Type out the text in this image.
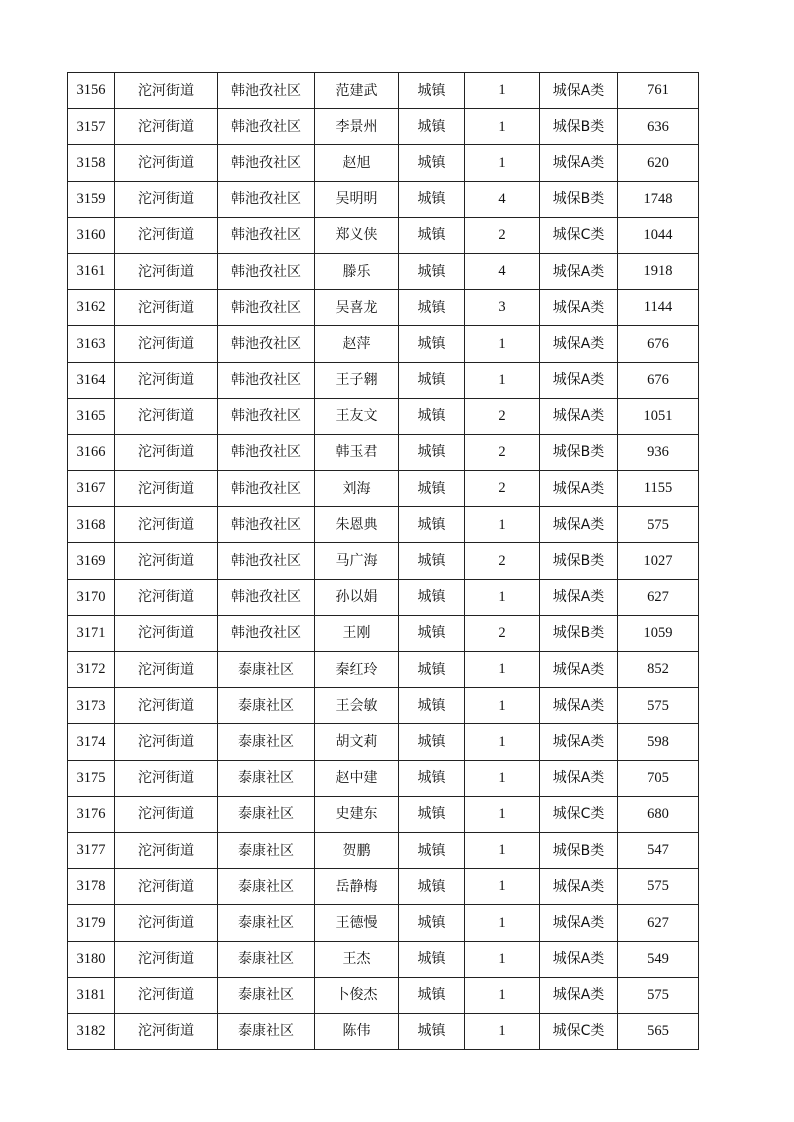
3156	沱河街道	韩池孜社区	范建武	城镇	1	城保A类	761
3157	沱河街道	韩池孜社区	李景州	城镇	1	城保B类	636
3158	沱河街道	韩池孜社区	赵旭	城镇	1	城保A类	620
3159	沱河街道	韩池孜社区	吴明明	城镇	4	城保B类	1748
3160	沱河街道	韩池孜社区	郑义侠	城镇	2	城保C类	1044
3161	沱河街道	韩池孜社区	滕乐	城镇	4	城保A类	1918
3162	沱河街道	韩池孜社区	吴喜龙	城镇	3	城保A类	1144
3163	沱河街道	韩池孜社区	赵萍	城镇	1	城保A类	676
3164	沱河街道	韩池孜社区	王子翱	城镇	1	城保A类	676
3165	沱河街道	韩池孜社区	王友文	城镇	2	城保A类	1051
3166	沱河街道	韩池孜社区	韩玉君	城镇	2	城保B类	936
3167	沱河街道	韩池孜社区	刘海	城镇	2	城保A类	1155
3168	沱河街道	韩池孜社区	朱恩典	城镇	1	城保A类	575
3169	沱河街道	韩池孜社区	马广海	城镇	2	城保B类	1027
3170	沱河街道	韩池孜社区	孙以娟	城镇	1	城保A类	627
3171	沱河街道	韩池孜社区	王刚	城镇	2	城保B类	1059
3172	沱河街道	泰康社区	秦红玲	城镇	1	城保A类	852
3173	沱河街道	泰康社区	王会敏	城镇	1	城保A类	575
3174	沱河街道	泰康社区	胡文莉	城镇	1	城保A类	598
3175	沱河街道	泰康社区	赵中建	城镇	1	城保A类	705
3176	沱河街道	泰康社区	史建东	城镇	1	城保C类	680
3177	沱河街道	泰康社区	贺鹏	城镇	1	城保B类	547
3178	沱河街道	泰康社区	岳静梅	城镇	1	城保A类	575
3179	沱河街道	泰康社区	王德慢	城镇	1	城保A类	627
3180	沱河街道	泰康社区	王杰	城镇	1	城保A类	549
3181	沱河街道	泰康社区	卜俊杰	城镇	1	城保A类	575
3182	沱河街道	泰康社区	陈伟	城镇	1	城保C类	565
